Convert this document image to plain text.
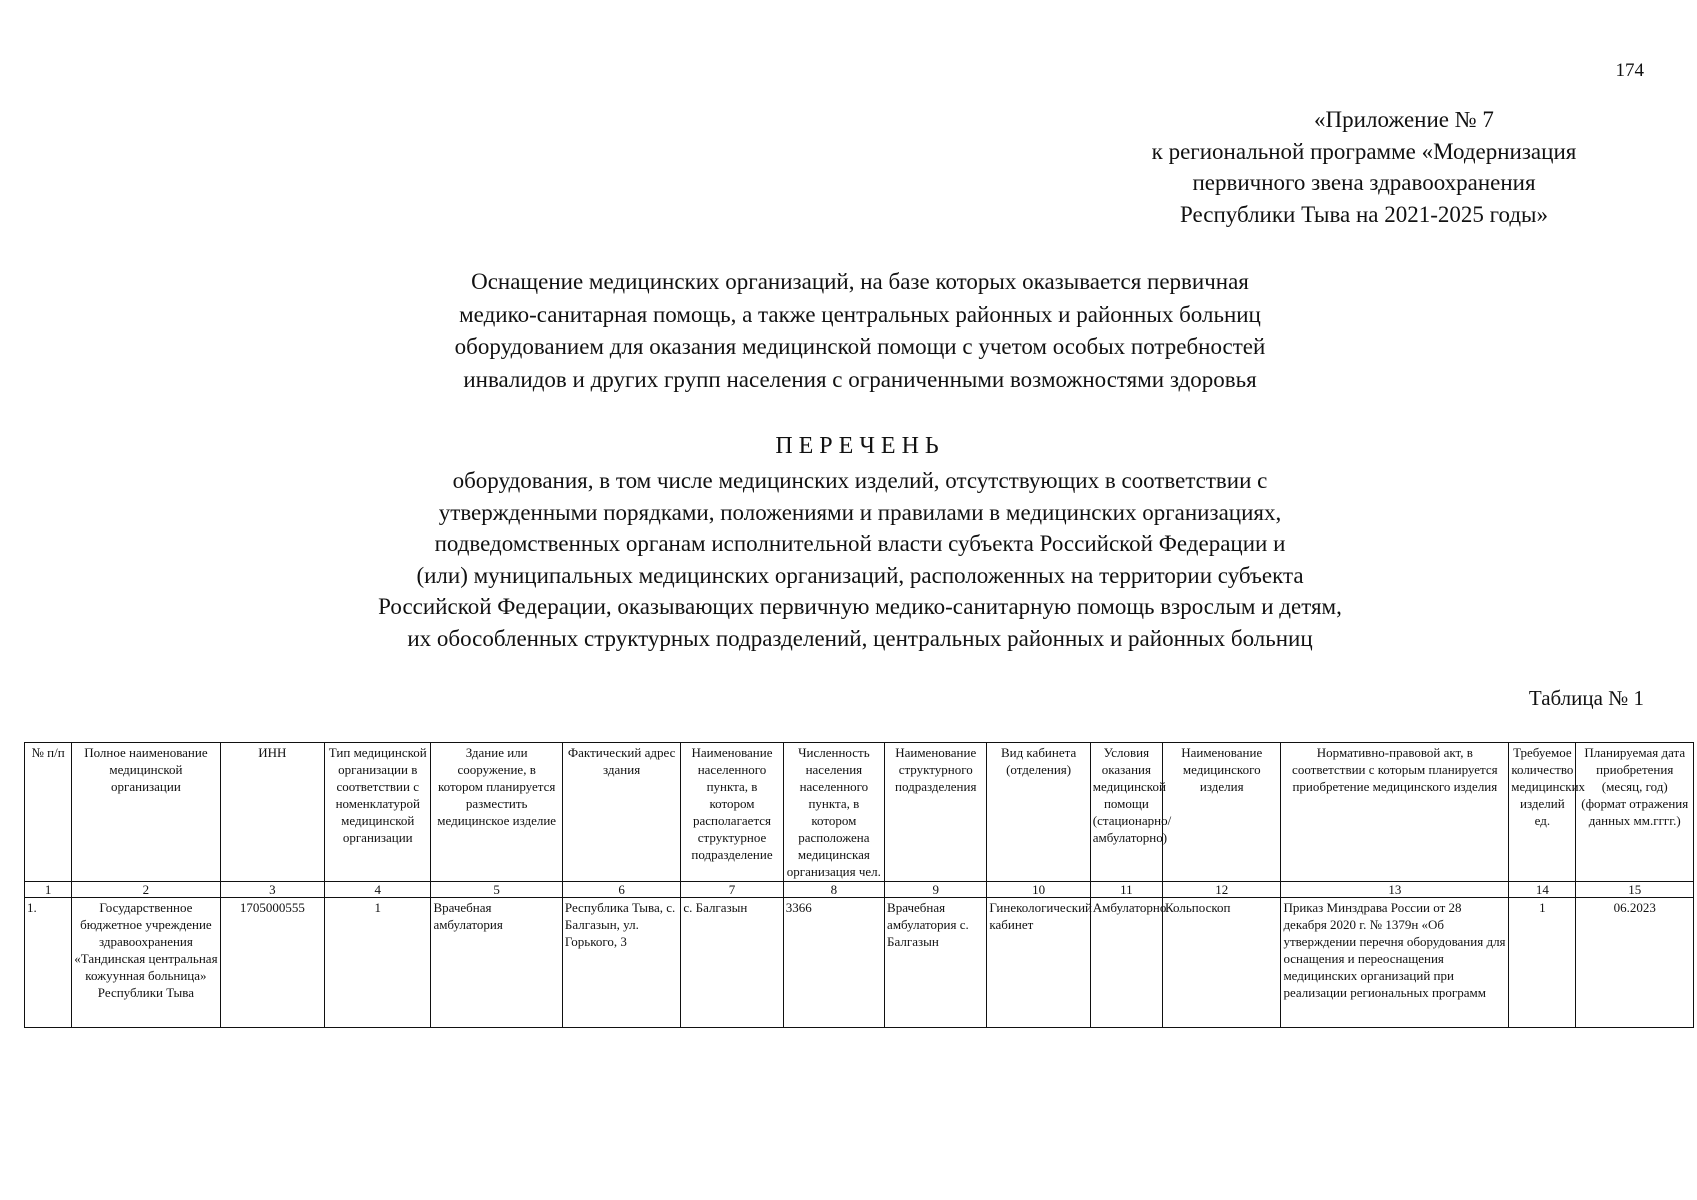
174
«Приложение № 7
к региональной программе «Модернизация
первичного звена здравоохранения
Республики Тыва на 2021-2025 годы»
Оснащение медицинских организаций, на базе которых оказывается первичная
медико-санитарная помощь, а также центральных районных и районных больниц
оборудованием для оказания медицинской помощи с учетом особых потребностей
инвалидов и других групп населения с ограниченными возможностями здоровья
ПЕРЕЧЕНЬ
оборудования, в том числе медицинских изделий, отсутствующих в соответствии с
утвержденными порядками, положениями и правилами в медицинских организациях,
подведомственных органам исполнительной власти субъекта Российской Федерации и
(или) муниципальных медицинских организаций, расположенных на территории субъекта
Российской Федерации, оказывающих первичную медико-санитарную помощь взрослым и детям,
их обособленных структурных подразделений, центральных районных и районных больниц
Таблица № 1
№ п/п	Полное наименование медицинской организации	ИНН	Тип медицинской организации в соответствии с номенклатурой медицинской организации	Здание или сооружение, в котором планируется разместить медицинское изделие	Фактический адрес здания	Наименование населенного пункта, в котором располагается структурное подразделение	Численность населения населенного пункта, в котором расположена медицинская организация чел.	Наименование структурного подразделения	Вид кабинета (отделения)	Условия оказания медицинской помощи (стационарно/ амбулаторно)	Наименование медицинского изделия	Нормативно-правовой акт, в соответствии с которым планируется приобретение медицинского изделия	Требуемое количество медицинских изделий ед.	Планируемая дата приобретения (месяц, год) (формат отражения данных мм.гггг.)
1	2	3	4	5	6	7	8	9	10	11	12	13	14	15
1.	Государственное бюджетное учреждение здравоохранения «Тандинская центральная кожуунная больница» Республики Тыва	1705000555	1	Врачебная амбулатория	Республика Тыва, с. Балгазын, ул. Горького, 3	с. Балгазын	3366	Врачебная амбулатория с. Балгазын	Гинекологический кабинет	Амбулаторно	Кольпоскоп	Приказ Минздрава России от 28 декабря 2020 г. № 1379н «Об утверждении перечня оборудования для оснащения и переоснащения медицинских организаций при реализации региональных программ	1	06.2023
